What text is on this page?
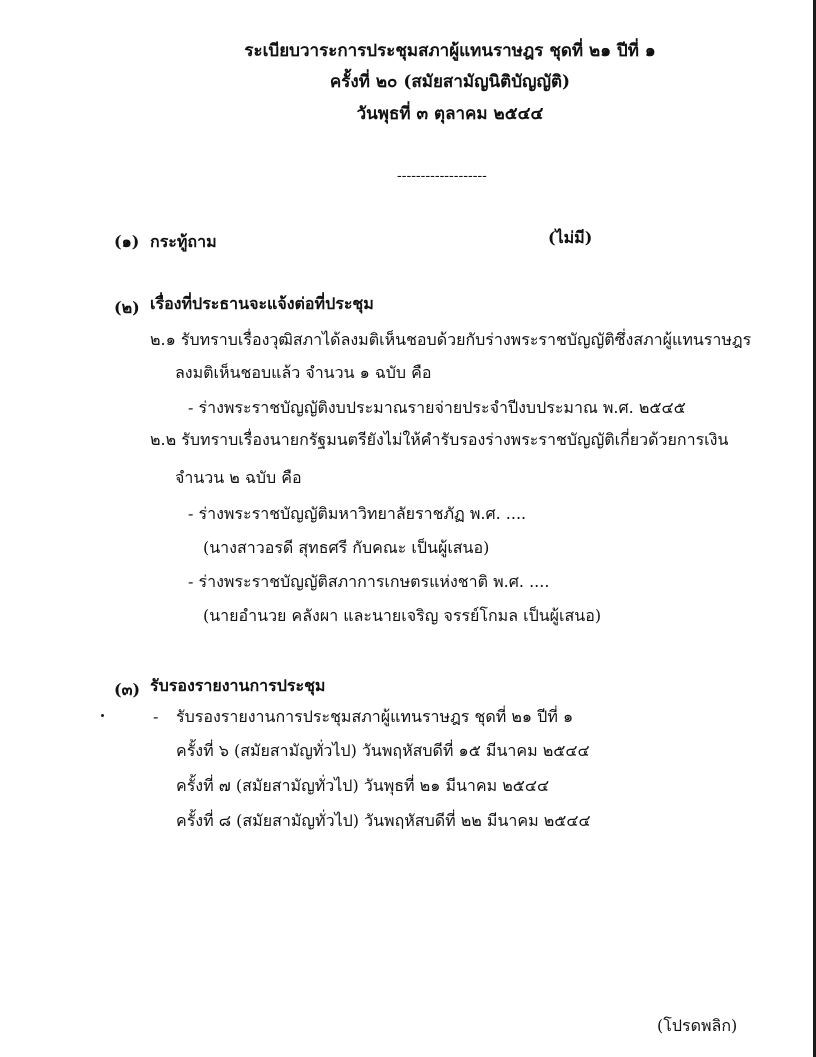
ระเบียบวาระการประชุมสภาผู้แทนราษฎร ชุดที่ ๒๑ ปีที่ ๑
ครั้งที่ ๒๐ (สมัยสามัญนิติบัญญัติ)
วันพุธที่ ๓ ตุลาคม ๒๕๔๔
-------------------
(๑) กระทู้ถาม	(ไม่มี)
(๒) เรื่องที่ประธานจะแจ้งต่อที่ประชุม
๒.๑ รับทราบเรื่องวุฒิสภาได้ลงมติเห็นชอบด้วยกับร่างพระราชบัญญัติซึ่งสภาผู้แทนราษฎร
ลงมติเห็นชอบแล้ว จำนวน ๑ ฉบับ คือ
- ร่างพระราชบัญญัติงบประมาณรายจ่ายประจำปีงบประมาณ พ.ศ. ๒๕๔๕
๒.๒ รับทราบเรื่องนายกรัฐมนตรียังไม่ให้คำรับรองร่างพระราชบัญญัติเกี่ยวด้วยการเงิน
จำนวน ๒ ฉบับ คือ
- ร่างพระราชบัญญัติมหาวิทยาลัยราชภัฏ พ.ศ. ....
(นางสาวอรดี สุทธศรี กับคณะ เป็นผู้เสนอ)
- ร่างพระราชบัญญัติสภาการเกษตรแห่งชาติ พ.ศ. ....
(นายอำนวย คลังผา และนายเจริญ จรรย์โกมล เป็นผู้เสนอ)
(๓) รับรองรายงานการประชุม
- รับรองรายงานการประชุมสภาผู้แทนราษฎร ชุดที่ ๒๑ ปีที่ ๑
ครั้งที่ ๖ (สมัยสามัญทั่วไป) วันพฤหัสบดีที่ ๑๕ มีนาคม ๒๕๔๔
ครั้งที่ ๗ (สมัยสามัญทั่วไป) วันพุธที่ ๒๑ มีนาคม ๒๕๔๔
ครั้งที่ ๘ (สมัยสามัญทั่วไป) วันพฤหัสบดีที่ ๒๒ มีนาคม ๒๕๔๔
(โปรดพลิก)
